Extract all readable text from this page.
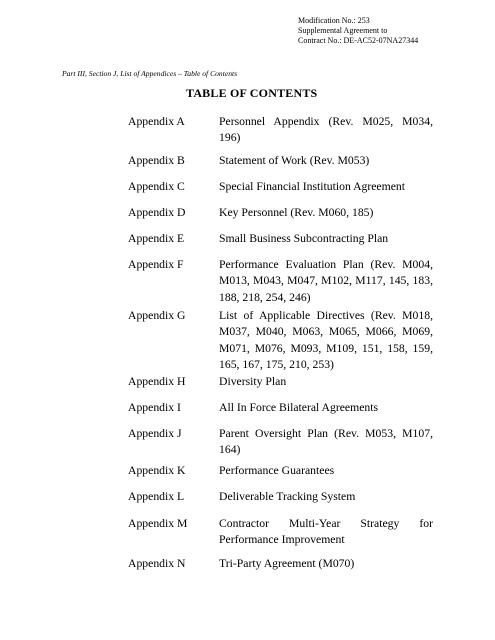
Modification No.: 253
Supplemental Agreement to
Contract No.: DE-AC52-07NA27344
Part III, Section J, List of Appendices – Table of Contents
TABLE OF CONTENTS
Appendix A	Personnel Appendix (Rev. M025, M034, 196)
Appendix B	Statement of Work (Rev. M053)
Appendix C	Special Financial Institution Agreement
Appendix D	Key Personnel (Rev. M060, 185)
Appendix E	Small Business Subcontracting Plan
Appendix F	Performance Evaluation Plan (Rev. M004, M013, M043, M047, M102, M117, 145, 183, 188, 218, 254, 246)
Appendix G	List of Applicable Directives (Rev. M018, M037, M040, M063, M065, M066, M069, M071, M076, M093, M109, 151, 158, 159, 165, 167, 175, 210, 253)
Appendix H	Diversity Plan
Appendix I	All In Force Bilateral Agreements
Appendix J	Parent Oversight Plan (Rev. M053, M107, 164)
Appendix K	Performance Guarantees
Appendix L	Deliverable Tracking System
Appendix M	Contractor Multi-Year Strategy for Performance Improvement
Appendix N	Tri-Party Agreement (M070)
